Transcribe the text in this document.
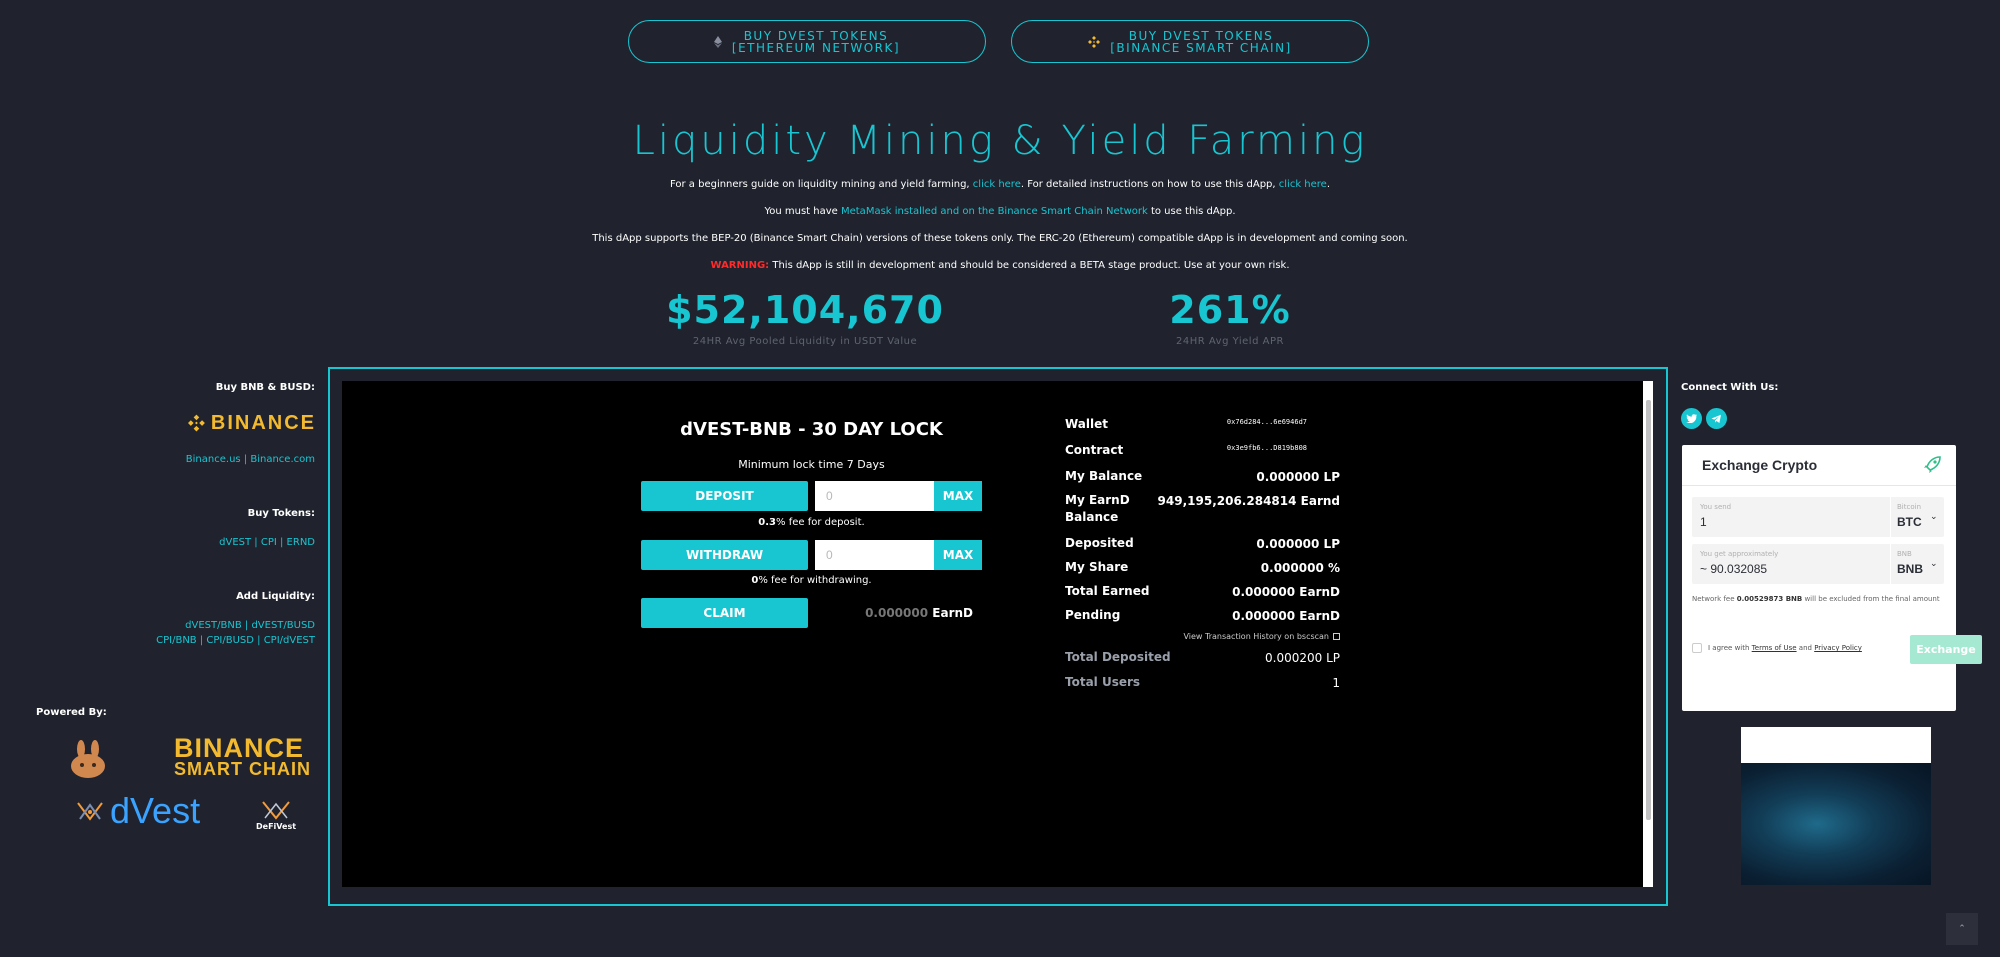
BUY DVEST TOKENS
[ETHEREUM NETWORK]
BUY DVEST TOKENS
[BINANCE SMART CHAIN]
Liquidity Mining & Yield Farming
For a beginners guide on liquidity mining and yield farming, click here. For detailed instructions on how to use this dApp, click here.
You must have MetaMask installed and on the Binance Smart Chain Network to use this dApp.
This dApp supports the BEP-20 (Binance Smart Chain) versions of these tokens only. The ERC-20 (Ethereum) compatible dApp is in development and coming soon.
WARNING: This dApp is still in development and should be considered a BETA stage product. Use at your own risk.
$52,104,670
24HR Avg Pooled Liquidity in USDT Value
261%
24HR Avg Yield APR
Buy BNB & BUSD:
BINANCE
Binance.us | Binance.com
Buy Tokens:
dVEST | CPI | ERND
Add Liquidity:
dVEST/BNB | dVEST/BUSD
CPI/BNB | CPI/BUSD | CPI/dVEST
Powered By:
BINANCE
SMART CHAIN
dVest	DeFiVest
dVEST-BNB - 30 DAY LOCK
Minimum lock time 7 Days
DEPOSIT
0	MAX
0.3% fee for deposit.
WITHDRAW
0	MAX
0% fee for withdrawing.
CLAIM	0.000000 EarnD
Wallet	0x76d284...6e6946d7
Contract	0x3e9fb6...D819b808
My Balance	0.000000 LP
My EarnD
Balance
949,195,206.284814 Earnd
Deposited	0.000000 LP
My Share	0.000000 %
Total Earned	0.000000 EarnD
Pending	0.000000 EarnD
View Transaction History on bscscan
Total Deposited	0.000200 LP
Total Users	1
Connect With Us:
Exchange Crypto
You send
1
Bitcoin
BTC ⌄
You get approximately
~ 90.032085
BNB
BNB ⌄
Network fee 0.00529873 BNB will be excluded from the final amount
I agree with Terms of Use and Privacy Policy	Exchange
⌃
